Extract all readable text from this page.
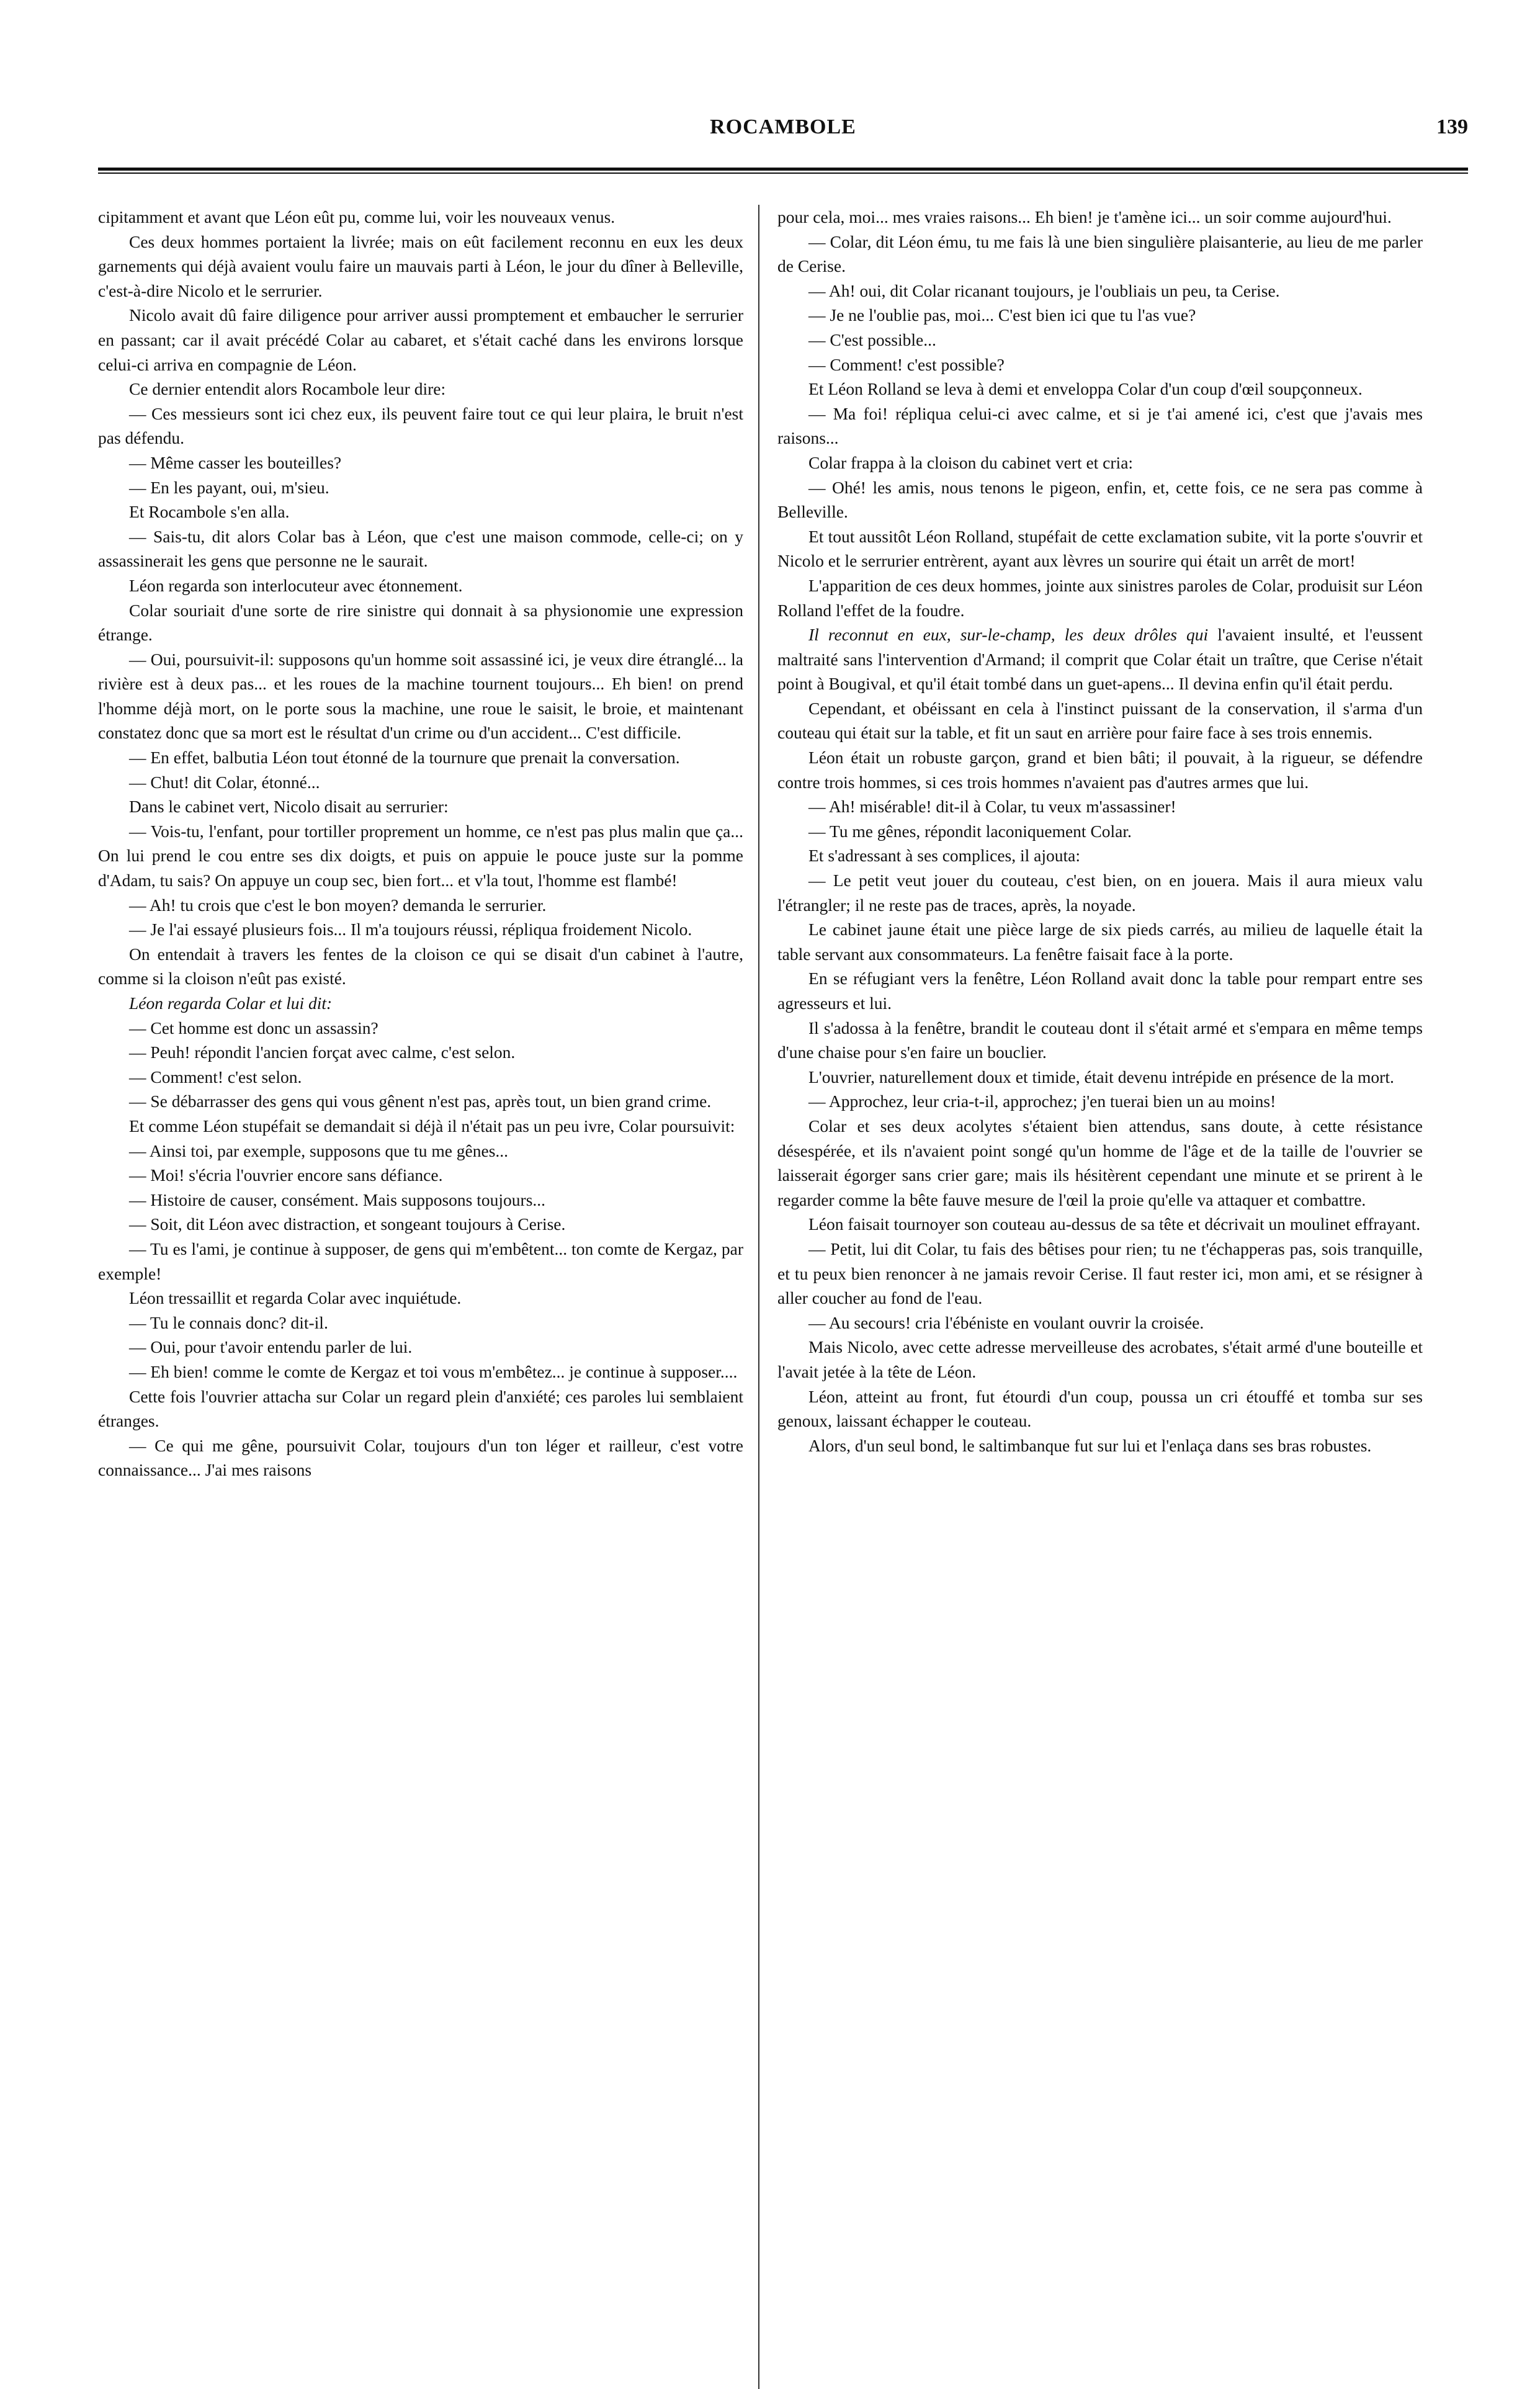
ROCAMBOLE	139

cipitamment et avant que Léon eût pu, comme lui, voir les nouveaux venus.

Ces deux hommes portaient la livrée; mais on eût facilement reconnu en eux les deux garnements qui déjà avaient voulu faire un mauvais parti à Léon, le jour du dîner à Belleville, c'est-à-dire Nicolo et le serrurier.

Nicolo avait dû faire diligence pour arriver aussi promptement et embaucher le serrurier en passant; car il avait précédé Colar au cabaret, et s'était caché dans les environs lorsque celui-ci arriva en compagnie de Léon.

Ce dernier entendit alors Rocambole leur dire:

— Ces messieurs sont ici chez eux, ils peuvent faire tout ce qui leur plaira, le bruit n'est pas défendu.

— Même casser les bouteilles?

— En les payant, oui, m'sieu.

Et Rocambole s'en alla.

— Sais-tu, dit alors Colar bas à Léon, que c'est une maison commode, celle-ci; on y assassinerait les gens que personne ne le saurait.

Léon regarda son interlocuteur avec étonnement.

Colar souriait d'une sorte de rire sinistre qui donnait à sa physionomie une expression étrange.

— Oui, poursuivit-il: supposons qu'un homme soit assassiné ici, je veux dire étranglé... la rivière est à deux pas... et les roues de la machine tournent toujours... Eh bien! on prend l'homme déjà mort, on le porte sous la machine, une roue le saisit, le broie, et maintenant constatez donc que sa mort est le résultat d'un crime ou d'un accident... C'est difficile.

— En effet, balbutia Léon tout étonné de la tournure que prenait la conversation.

— Chut! dit Colar, étonné...

Dans le cabinet vert, Nicolo disait au serrurier:

— Vois-tu, l'enfant, pour tortiller proprement un homme, ce n'est pas plus malin que ça... On lui prend le cou entre ses dix doigts, et puis on appuie le pouce juste sur la pomme d'Adam, tu sais? On appuye un coup sec, bien fort... et v'la tout, l'homme est flambé!

— Ah! tu crois que c'est le bon moyen? demanda le serrurier.

— Je l'ai essayé plusieurs fois... Il m'a toujours réussi, répliqua froidement Nicolo.

On entendait à travers les fentes de la cloison ce qui se disait d'un cabinet à l'autre, comme si la cloison n'eût pas existé.

Léon regarda Colar et lui dit:

— Cet homme est donc un assassin?

— Peuh! répondit l'ancien forçat avec calme, c'est selon.

— Comment! c'est selon.

— Se débarrasser des gens qui vous gênent n'est pas, après tout, un bien grand crime.

Et comme Léon stupéfait se demandait si déjà il n'était pas un peu ivre, Colar poursuivit:

— Ainsi toi, par exemple, supposons que tu me gênes...

— Moi! s'écria l'ouvrier encore sans défiance.

— Histoire de causer, consément. Mais supposons toujours...

— Soit, dit Léon avec distraction, et songeant toujours à Cerise.

— Tu es l'ami, je continue à supposer, de gens qui m'embêtent... ton comte de Kergaz, par exemple!

Léon tressaillit et regarda Colar avec inquiétude.

— Tu le connais donc? dit-il.

— Oui, pour t'avoir entendu parler de lui.

— Eh bien! comme le comte de Kergaz et toi vous m'embêtez... je continue à supposer....

Cette fois l'ouvrier attacha sur Colar un regard plein d'anxiété; ces paroles lui semblaient étranges.

— Ce qui me gêne, poursuivit Colar, toujours d'un ton léger et railleur, c'est votre connaissance... J'ai mes raisons

pour cela, moi... mes vraies raisons... Eh bien! je t'amène ici... un soir comme aujourd'hui.

— Colar, dit Léon ému, tu me fais là une bien singulière plaisanterie, au lieu de me parler de Cerise.

— Ah! oui, dit Colar ricanant toujours, je l'oubliais un peu, ta Cerise.

— Je ne l'oublie pas, moi... C'est bien ici que tu l'as vue?

— C'est possible...

— Comment! c'est possible?

Et Léon Rolland se leva à demi et enveloppa Colar d'un coup d'œil soupçonneux.

— Ma foi! répliqua celui-ci avec calme, et si je t'ai amené ici, c'est que j'avais mes raisons...

Colar frappa à la cloison du cabinet vert et cria:

— Ohé! les amis, nous tenons le pigeon, enfin, et, cette fois, ce ne sera pas comme à Belleville.

Et tout aussitôt Léon Rolland, stupéfait de cette exclamation subite, vit la porte s'ouvrir et Nicolo et le serrurier entrèrent, ayant aux lèvres un sourire qui était un arrêt de mort!

L'apparition de ces deux hommes, jointe aux sinistres paroles de Colar, produisit sur Léon Rolland l'effet de la foudre.

Il reconnut en eux, sur-le-champ, les deux drôles qui l'avaient insulté, et l'eussent maltraité sans l'intervention d'Armand; il comprit que Colar était un traître, que Cerise n'était point à Bougival, et qu'il était tombé dans un guet-apens... Il devina enfin qu'il était perdu.

Cependant, et obéissant en cela à l'instinct puissant de la conservation, il s'arma d'un couteau qui était sur la table, et fit un saut en arrière pour faire face à ses trois ennemis.

Léon était un robuste garçon, grand et bien bâti; il pouvait, à la rigueur, se défendre contre trois hommes, si ces trois hommes n'avaient pas d'autres armes que lui.

— Ah! misérable! dit-il à Colar, tu veux m'assassiner!

— Tu me gênes, répondit laconiquement Colar.

Et s'adressant à ses complices, il ajouta:

— Le petit veut jouer du couteau, c'est bien, on en jouera. Mais il aura mieux valu l'étrangler; il ne reste pas de traces, après, la noyade.

Le cabinet jaune était une pièce large de six pieds carrés, au milieu de laquelle était la table servant aux consommateurs. La fenêtre faisait face à la porte.

En se réfugiant vers la fenêtre, Léon Rolland avait donc la table pour rempart entre ses agresseurs et lui.

Il s'adossa à la fenêtre, brandit le couteau dont il s'était armé et s'empara en même temps d'une chaise pour s'en faire un bouclier.

L'ouvrier, naturellement doux et timide, était devenu intrépide en présence de la mort.

— Approchez, leur cria-t-il, approchez; j'en tuerai bien un au moins!

Colar et ses deux acolytes s'étaient bien attendus, sans doute, à cette résistance désespérée, et ils n'avaient point songé qu'un homme de l'âge et de la taille de l'ouvrier se laisserait égorger sans crier gare; mais ils hésitèrent cependant une minute et se prirent à le regarder comme la bête fauve mesure de l'œil la proie qu'elle va attaquer et combattre.

Léon faisait tournoyer son couteau au-dessus de sa tête et décrivait un moulinet effrayant.

— Petit, lui dit Colar, tu fais des bêtises pour rien; tu ne t'échapperas pas, sois tranquille, et tu peux bien renoncer à ne jamais revoir Cerise. Il faut rester ici, mon ami, et se résigner à aller coucher au fond de l'eau.

— Au secours! cria l'ébéniste en voulant ouvrir la croisée.

Mais Nicolo, avec cette adresse merveilleuse des acrobates, s'était armé d'une bouteille et l'avait jetée à la tête de Léon.

Léon, atteint au front, fut étourdi d'un coup, poussa un cri étouffé et tomba sur ses genoux, laissant échapper le couteau.

Alors, d'un seul bond, le saltimbanque fut sur lui et l'enlaça dans ses bras robustes.
